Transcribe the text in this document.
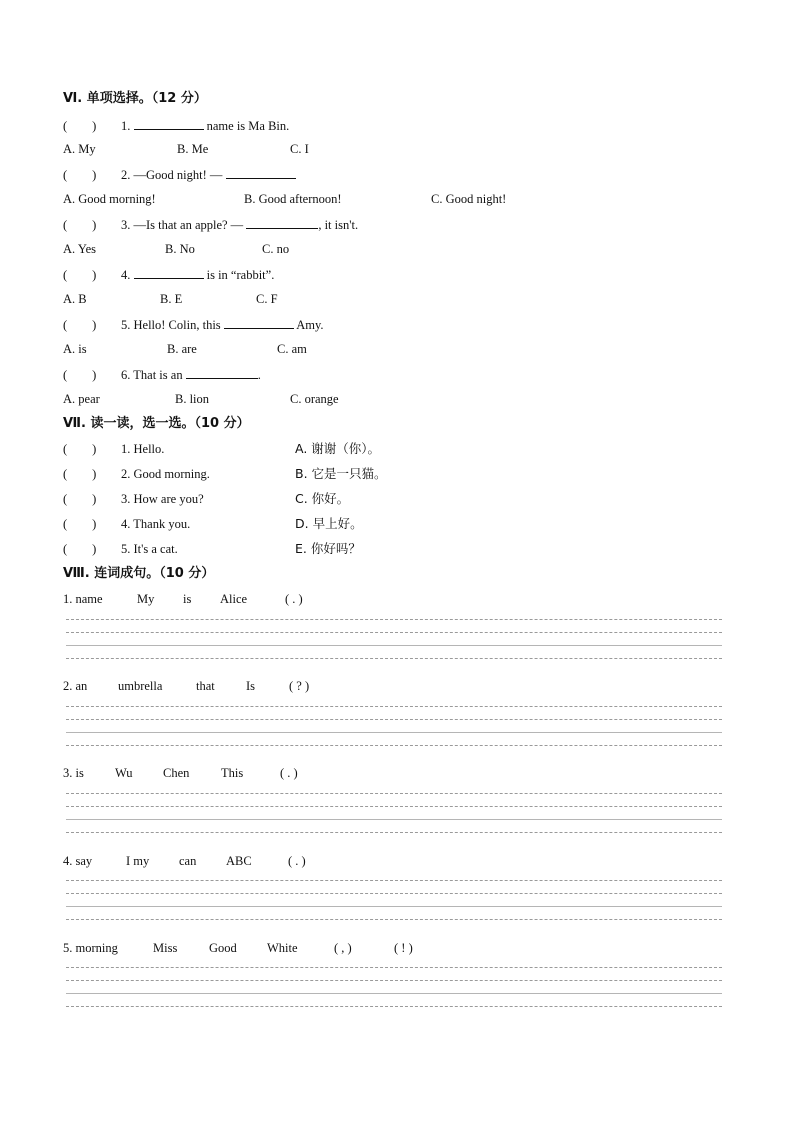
Ⅵ. 单项选择。（12 分）
(　　) 1.	name is Ma Bin.
A. My	B. Me	C. I
(　　) 2. —Good night! —
A. Good morning!	B. Good afternoon!	C. Good night!
(　　) 3. —Is that an apple? —	, it isn't.
A. Yes	B. No	C. no
(　　) 4.	is in “rabbit”.
A. B	B. E	C. F
(　　) 5. Hello! Colin, this	Amy.
A. is	B. are	C. am
(　　) 6. That is an	.
A. pear	B. lion	C. orange
Ⅶ. 读一读，选一选。（10 分）
(　　) 1. Hello.	A. 谢谢（你）。
(　　) 2. Good morning.	B. 它是一只猫。
(　　) 3. How are you?	C. 你好。
(　　) 4. Thank you.	D. 早上好。
(　　) 5. It's a cat.	E. 你好吗？
Ⅷ. 连词成句。（10 分）
1. name	My is Alice	( . )
2. an umbrella	that	Is	( ? )
3. is Wu Chen	This	( . )
4. say	I my can ABC	( . )
5. morning	Miss	Good White	( , )	( ! )
